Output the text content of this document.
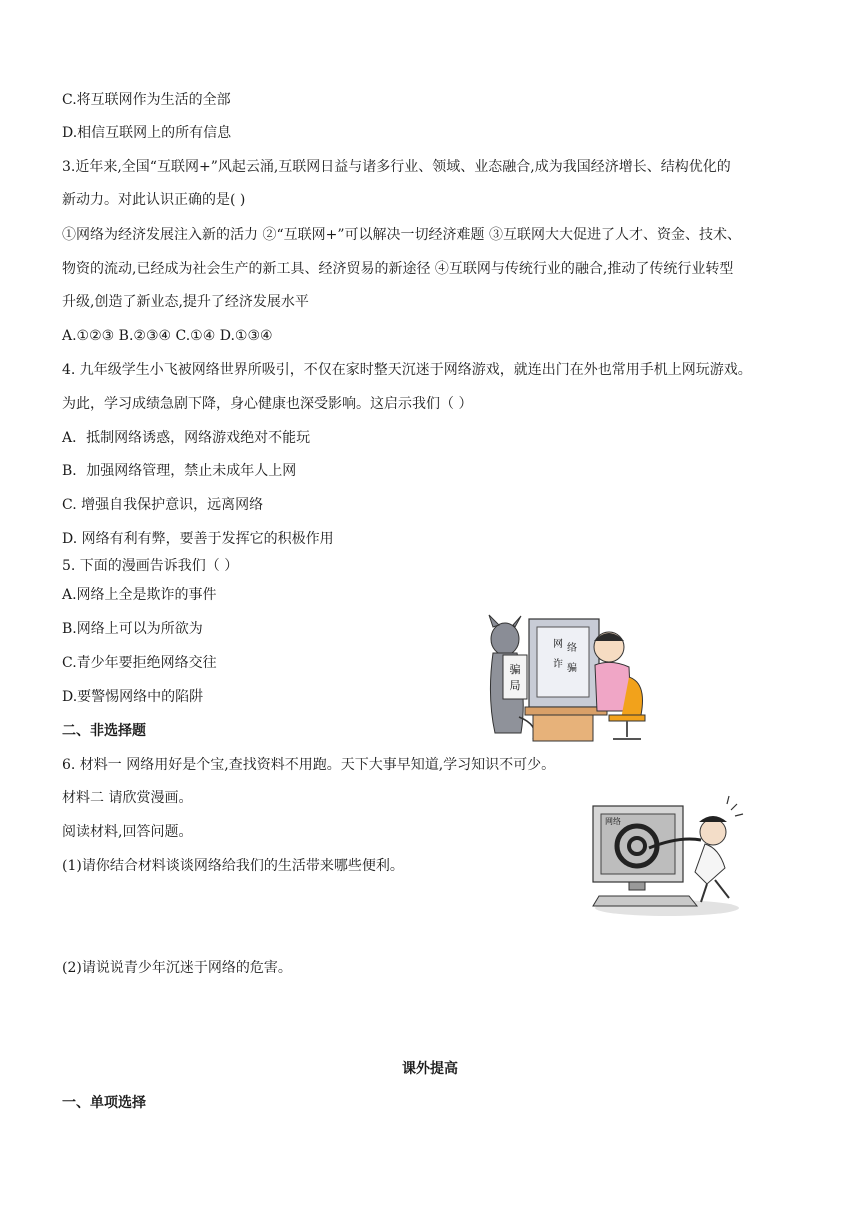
C.将互联网作为生活的全部
D.相信互联网上的所有信息
3.近年来,全国“互联网+”风起云涌,互联网日益与诸多行业、领域、业态融合,成为我国经济增长、结构优化的
新动力。对此认识正确的是( )
①网络为经济发展注入新的活力 ②“互联网+”可以解决一切经济难题 ③互联网大大促进了人才、资金、技术、
物资的流动,已经成为社会生产的新工具、经济贸易的新途径 ④互联网与传统行业的融合,推动了传统行业转型
升级,创造了新业态,提升了经济发展水平
A.①②③ B.②③④ C.①④ D.①③④
4. 九年级学生小飞被网络世界所吸引，不仅在家时整天沉迷于网络游戏，就连出门在外也常用手机上网玩游戏。
为此，学习成绩急剧下降，身心健康也深受影响。这启示我们（ ）
A．抵制网络诱惑，网络游戏绝对不能玩
B．加强网络管理，禁止未成年人上网
C. 增强自我保护意识，远离网络
D. 网络有利有弊，要善于发挥它的积极作用
5. 下面的漫画告诉我们（ ）
A.网络上全是欺诈的事件
B.网络上可以为所欲为
C.青少年要拒绝网络交往
D.要警惕网络中的陷阱
二、非选择题
6. 材料一 网络用好是个宝,查找资料不用跑。天下大事早知道,学习知识不可少。
材料二 请欣赏漫画。
阅读材料,回答问题。
(1)请你结合材料谈谈网络给我们的生活带来哪些便利。
(2)请说说青少年沉迷于网络的危害。
课外提高
一、单项选择
骗
局
网 络
诈 骗
网络
